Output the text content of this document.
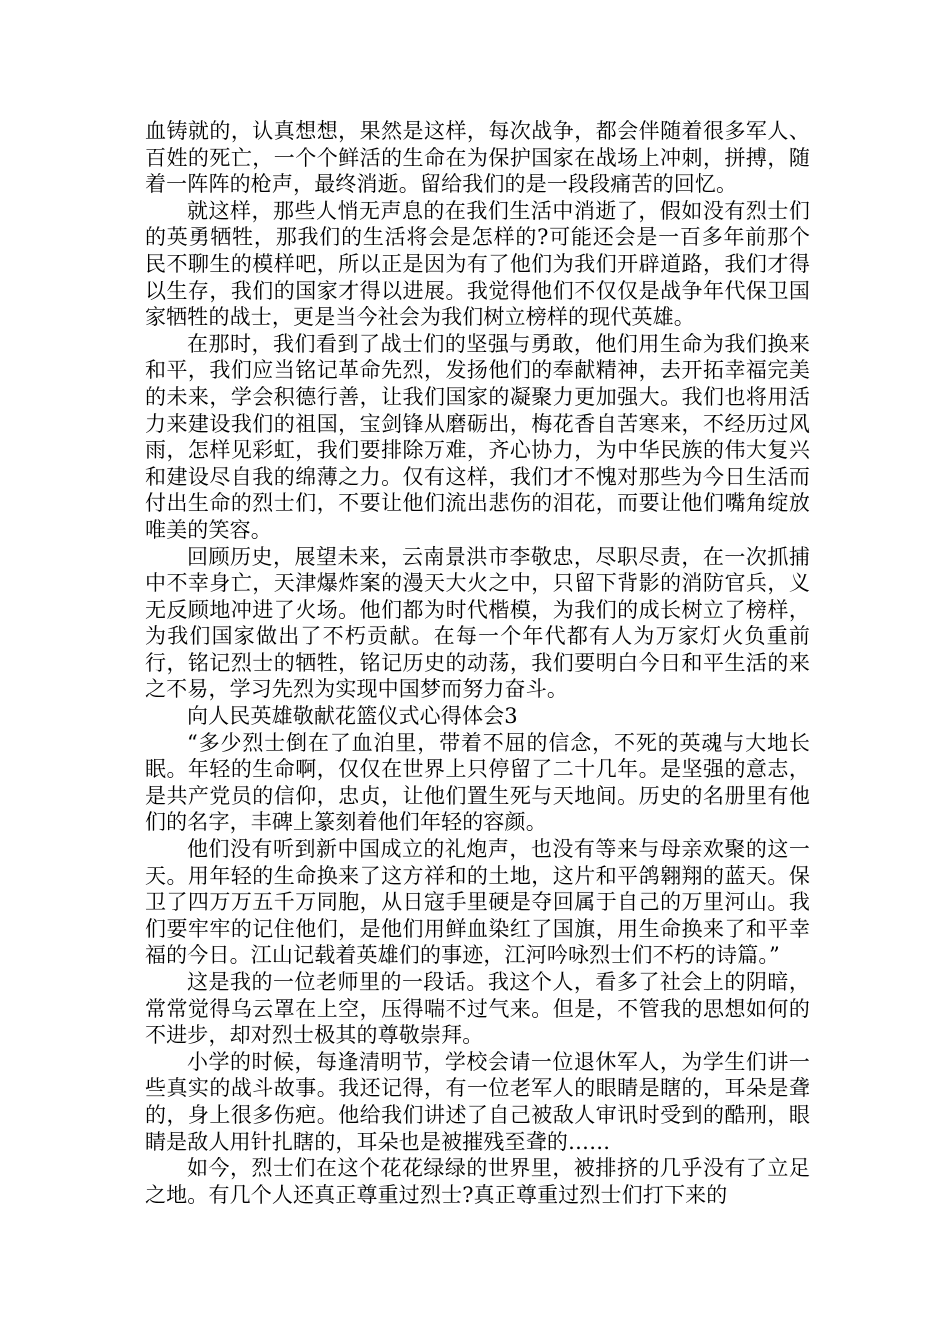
血铸就的，认真想想，果然是这样，每次战争，都会伴随着很多军人、百姓的死亡，一个个鲜活的生命在为保护国家在战场上冲刺，拼搏，随着一阵阵的枪声，最终消逝。留给我们的是一段段痛苦的回忆。

就这样，那些人悄无声息的在我们生活中消逝了，假如没有烈士们的英勇牺牲，那我们的生活将会是怎样的?可能还会是一百多年前那个民不聊生的模样吧，所以正是因为有了他们为我们开辟道路，我们才得以生存，我们的国家才得以进展。我觉得他们不仅仅是战争年代保卫国家牺牲的战士，更是当今社会为我们树立榜样的现代英雄。

在那时，我们看到了战士们的坚强与勇敢，他们用生命为我们换来和平，我们应当铭记革命先烈，发扬他们的奉献精神，去开拓幸福完美的未来，学会积德行善，让我们国家的凝聚力更加强大。我们也将用活力来建设我们的祖国，宝剑锋从磨砺出，梅花香自苦寒来，不经历过风雨，怎样见彩虹，我们要排除万难，齐心协力，为中华民族的伟大复兴和建设尽自我的绵薄之力。仅有这样，我们才不愧对那些为今日生活而付出生命的烈士们，不要让他们流出悲伤的泪花，而要让他们嘴角绽放唯美的笑容。

回顾历史，展望未来，云南景洪市李敬忠，尽职尽责，在一次抓捕中不幸身亡，天津爆炸案的漫天大火之中，只留下背影的消防官兵，义无反顾地冲进了火场。他们都为时代楷模，为我们的成长树立了榜样，为我们国家做出了不朽贡献。在每一个年代都有人为万家灯火负重前行，铭记烈士的牺牲，铭记历史的动荡，我们要明白今日和平生活的来之不易，学习先烈为实现中国梦而努力奋斗。

向人民英雄敬献花篮仪式心得体会3

“多少烈士倒在了血泊里，带着不屈的信念，不死的英魂与大地长眠。年轻的生命啊，仅仅在世界上只停留了二十几年。是坚强的意志，是共产党员的信仰，忠贞，让他们置生死与天地间。历史的名册里有他们的名字，丰碑上篆刻着他们年轻的容颜。

他们没有听到新中国成立的礼炮声，也没有等来与母亲欢聚的这一天。用年轻的生命换来了这方祥和的土地，这片和平鸽翱翔的蓝天。保卫了四万万五千万同胞，从日寇手里硬是夺回属于自己的万里河山。我们要牢牢的记住他们，是他们用鲜血染红了国旗，用生命换来了和平幸福的今日。江山记载着英雄们的事迹，江河吟咏烈士们不朽的诗篇。”

这是我的一位老师里的一段话。我这个人，看多了社会上的阴暗，常常觉得乌云罩在上空，压得喘不过气来。但是，不管我的思想如何的不进步，却对烈士极其的尊敬崇拜。

小学的时候，每逢清明节，学校会请一位退休军人，为学生们讲一些真实的战斗故事。我还记得，有一位老军人的眼睛是瞎的，耳朵是聋的，身上很多伤疤。他给我们讲述了自己被敌人审讯时受到的酷刑，眼睛是敌人用针扎瞎的，耳朵也是被摧残至聋的……

如今，烈士们在这个花花绿绿的世界里，被排挤的几乎没有了立足之地。有几个人还真正尊重过烈士?真正尊重过烈士们打下来的
